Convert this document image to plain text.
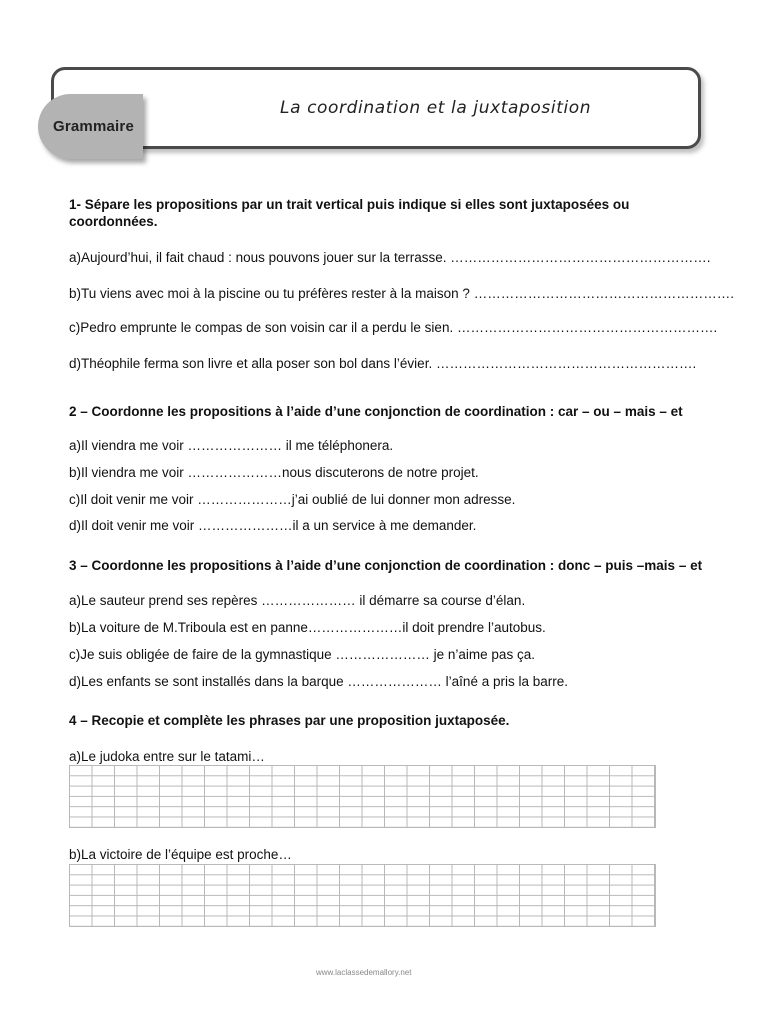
Grammaire
La coordination et la juxtaposition
1- Sépare les propositions par un trait vertical puis indique si elles sont juxtaposées ou coordonnées.
a)Aujourd’hui, il fait chaud : nous pouvons jouer sur la terrasse. ………………………………………………….
b)Tu viens avec moi à la piscine ou tu préfères rester à la maison ? ………………………………………………….
c)Pedro emprunte le compas de son voisin car il a perdu le sien. ………………………………………………….
d)Théophile ferma son livre et alla poser son bol dans l’évier. ………………………………………………….
2 – Coordonne les propositions à l’aide d’une conjonction de coordination : car – ou – mais – et
a)Il viendra me voir ………………… il me téléphonera.
b)Il viendra me voir …………………nous discuterons de notre projet.
c)Il doit venir me voir …………………j’ai oublié de lui donner mon adresse.
d)Il doit venir me voir …………………il a un service à me demander.
3 – Coordonne les propositions à l’aide d’une conjonction de coordination : donc – puis –mais – et
a)Le sauteur prend ses repères ………………… il démarre sa course d’élan.
b)La voiture de M.Triboula est en panne…………………il doit prendre l’autobus.
c)Je suis obligée de faire de la gymnastique ………………… je n’aime pas ça.
d)Les enfants se sont installés dans la barque ………………… l’aîné a pris la barre.
4 – Recopie et complète les phrases par une proposition juxtaposée.
a)Le judoka entre sur le tatami…
b)La victoire de l’équipe est proche…
www.laclassedemallory.net
